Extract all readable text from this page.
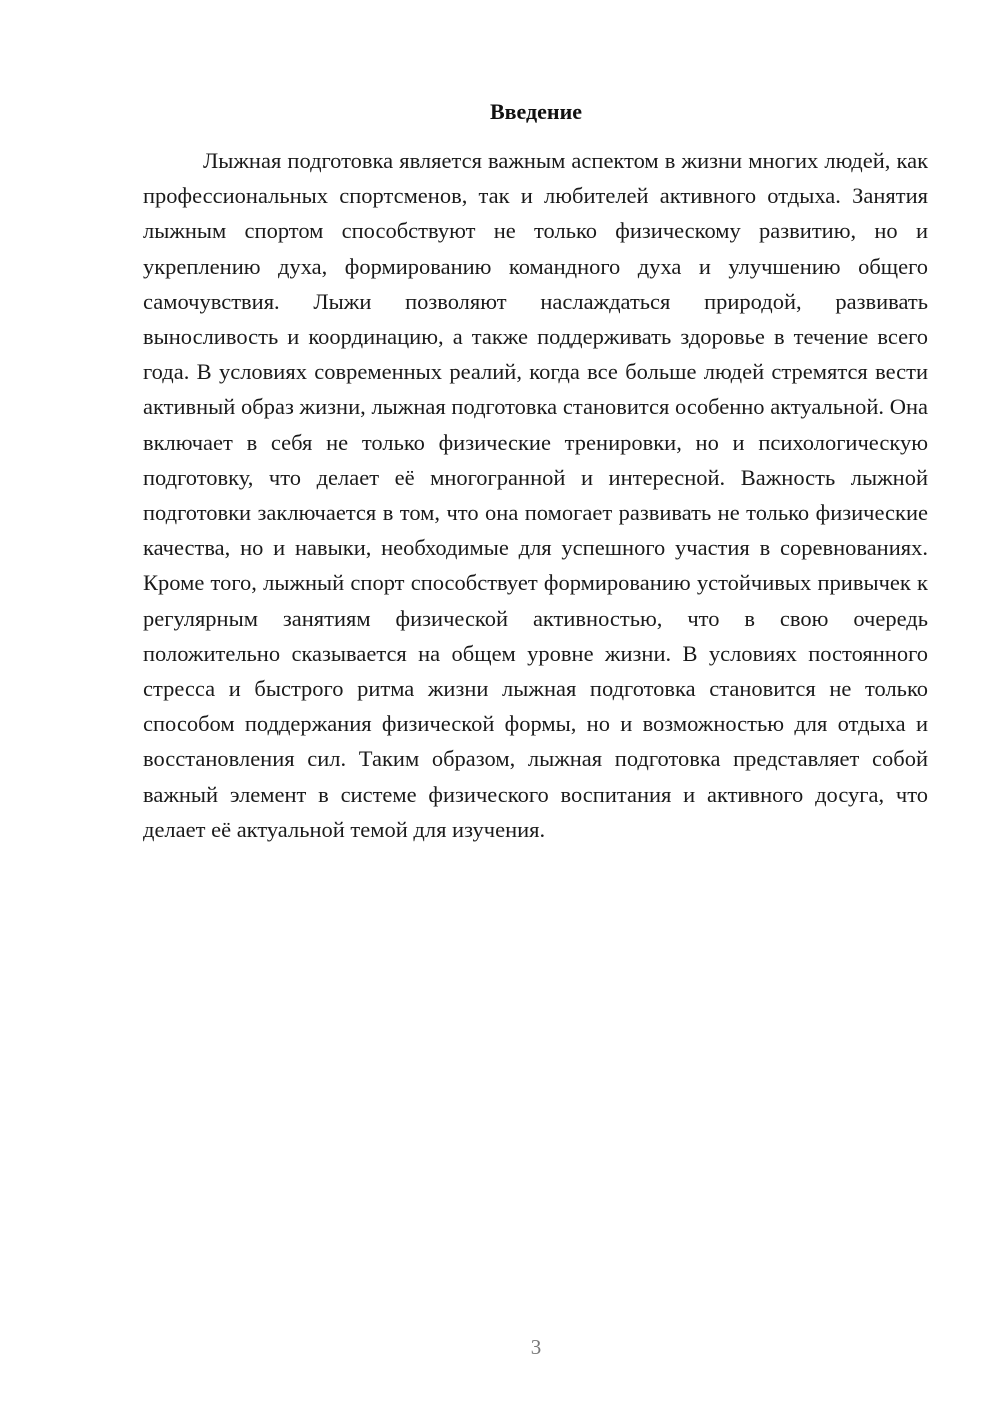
Введение

Лыжная подготовка является важным аспектом в жизни многих людей, как профессиональных спортсменов, так и любителей активного отдыха. Занятия лыжным спортом способствуют не только физическому развитию, но и укреплению духа, формированию командного духа и улучшению общего самочувствия. Лыжи позволяют наслаждаться природой, развивать выносливость и координацию, а также поддерживать здоровье в течение всего года. В условиях современных реалий, когда все больше людей стремятся вести активный образ жизни, лыжная подготовка становится особенно актуальной. Она включает в себя не только физические тренировки, но и психологическую подготовку, что делает её многогранной и интересной. Важность лыжной подготовки заключается в том, что она помогает развивать не только физические качества, но и навыки, необходимые для успешного участия в соревнованиях. Кроме того, лыжный спорт способствует формированию устойчивых привычек к регулярным занятиям физической активностью, что в свою очередь положительно сказывается на общем уровне жизни. В условиях постоянного стресса и быстрого ритма жизни лыжная подготовка становится не только способом поддержания физической формы, но и возможностью для отдыха и восстановления сил. Таким образом, лыжная подготовка представляет собой важный элемент в системе физического воспитания и активного досуга, что делает её актуальной темой для изучения.

3
